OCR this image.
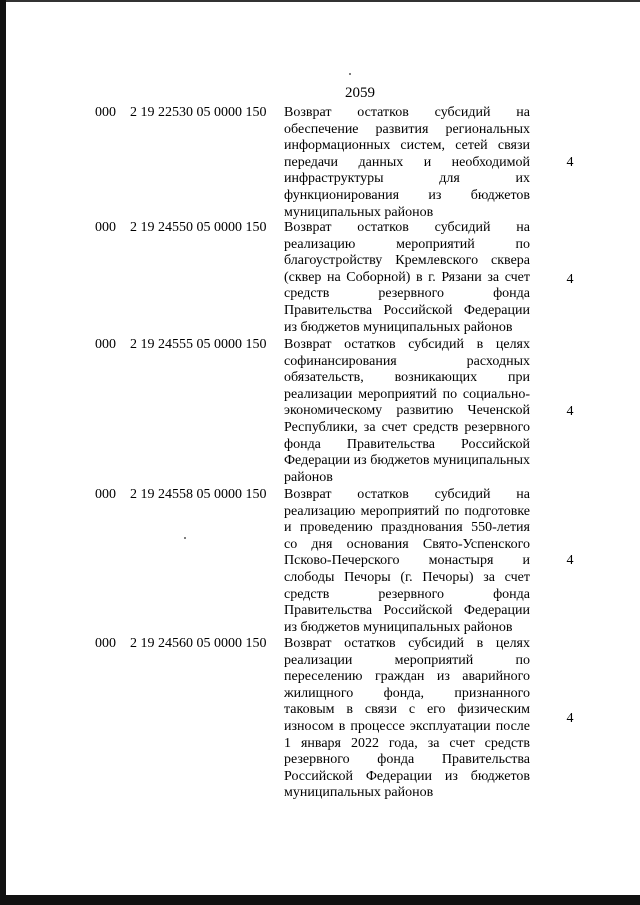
2059
000 2 19 22530 05 0000 150 Возврат остатков субсидий на обеспечение развития региональных информационных систем, сетей связи передачи данных и необходимой инфраструктуры для их функционирования из бюджетов муниципальных районов
4
000 2 19 24550 05 0000 150 Возврат остатков субсидий на реализацию мероприятий по благоустройству Кремлевского сквера (сквер на Соборной) в г. Рязани за счет средств резервного фонда Правительства Российской Федерации из бюджетов муниципальных районов
4
000 2 19 24555 05 0000 150 Возврат остатков субсидий в целях софинансирования расходных обязательств, возникающих при реализации мероприятий по социально-экономическому развитию Чеченской Республики, за счет средств резервного фонда Правительства Российской Федерации из бюджетов муниципальных районов
4
000 2 19 24558 05 0000 150 Возврат остатков субсидий на реализацию мероприятий по подготовке и проведению празднования 550-летия со дня основания Свято-Успенского Псково-Печерского монастыря и слободы Печоры (г. Печоры) за счет средств резервного фонда Правительства Российской Федерации из бюджетов муниципальных районов
4
000 2 19 24560 05 0000 150 Возврат остатков субсидий в целях реализации мероприятий по переселению граждан из аварийного жилищного фонда, признанного таковым в связи с его физическим износом в процессе эксплуатации после 1 января 2022 года, за счет средств резервного фонда Правительства Российской Федерации из бюджетов муниципальных районов
4
